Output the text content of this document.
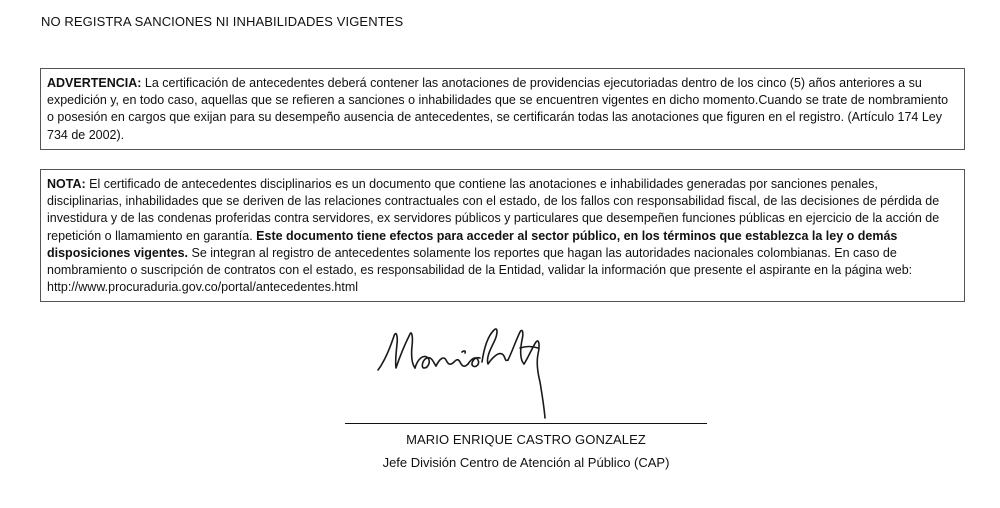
NO REGISTRA SANCIONES NI INHABILIDADES VIGENTES

ADVERTENCIA: La certificación de antecedentes deberá contener las anotaciones de providencias ejecutoriadas dentro de los cinco (5) años anteriores a su expedición y, en todo caso, aquellas que se refieren a sanciones o inhabilidades que se encuentren vigentes en dicho momento.Cuando se trate de nombramiento o posesión en cargos que exijan para su desempeño ausencia de antecedentes, se certificarán todas las anotaciones que figuren en el registro. (Artículo 174 Ley 734 de 2002).

NOTA: El certificado de antecedentes disciplinarios es un documento que contiene las anotaciones e inhabilidades generadas por sanciones penales, disciplinarias, inhabilidades que se deriven de las relaciones contractuales con el estado, de los fallos con responsabilidad fiscal, de las decisiones de pérdida de investidura y de las condenas proferidas contra servidores, ex servidores públicos y particulares que desempeñen funciones públicas en ejercicio de la acción de repetición o llamamiento en garantía. Este documento tiene efectos para acceder al sector público, en los términos que establezca la ley o demás disposiciones vigentes. Se integran al registro de antecedentes solamente los reportes que hagan las autoridades nacionales colombianas. En caso de nombramiento o suscripción de contratos con el estado, es responsabilidad de la Entidad, validar la información que presente el aspirante en la página web: http://www.procuraduria.gov.co/portal/antecedentes.html

MARIO ENRIQUE CASTRO GONZALEZ
Jefe División Centro de Atención al Público (CAP)
